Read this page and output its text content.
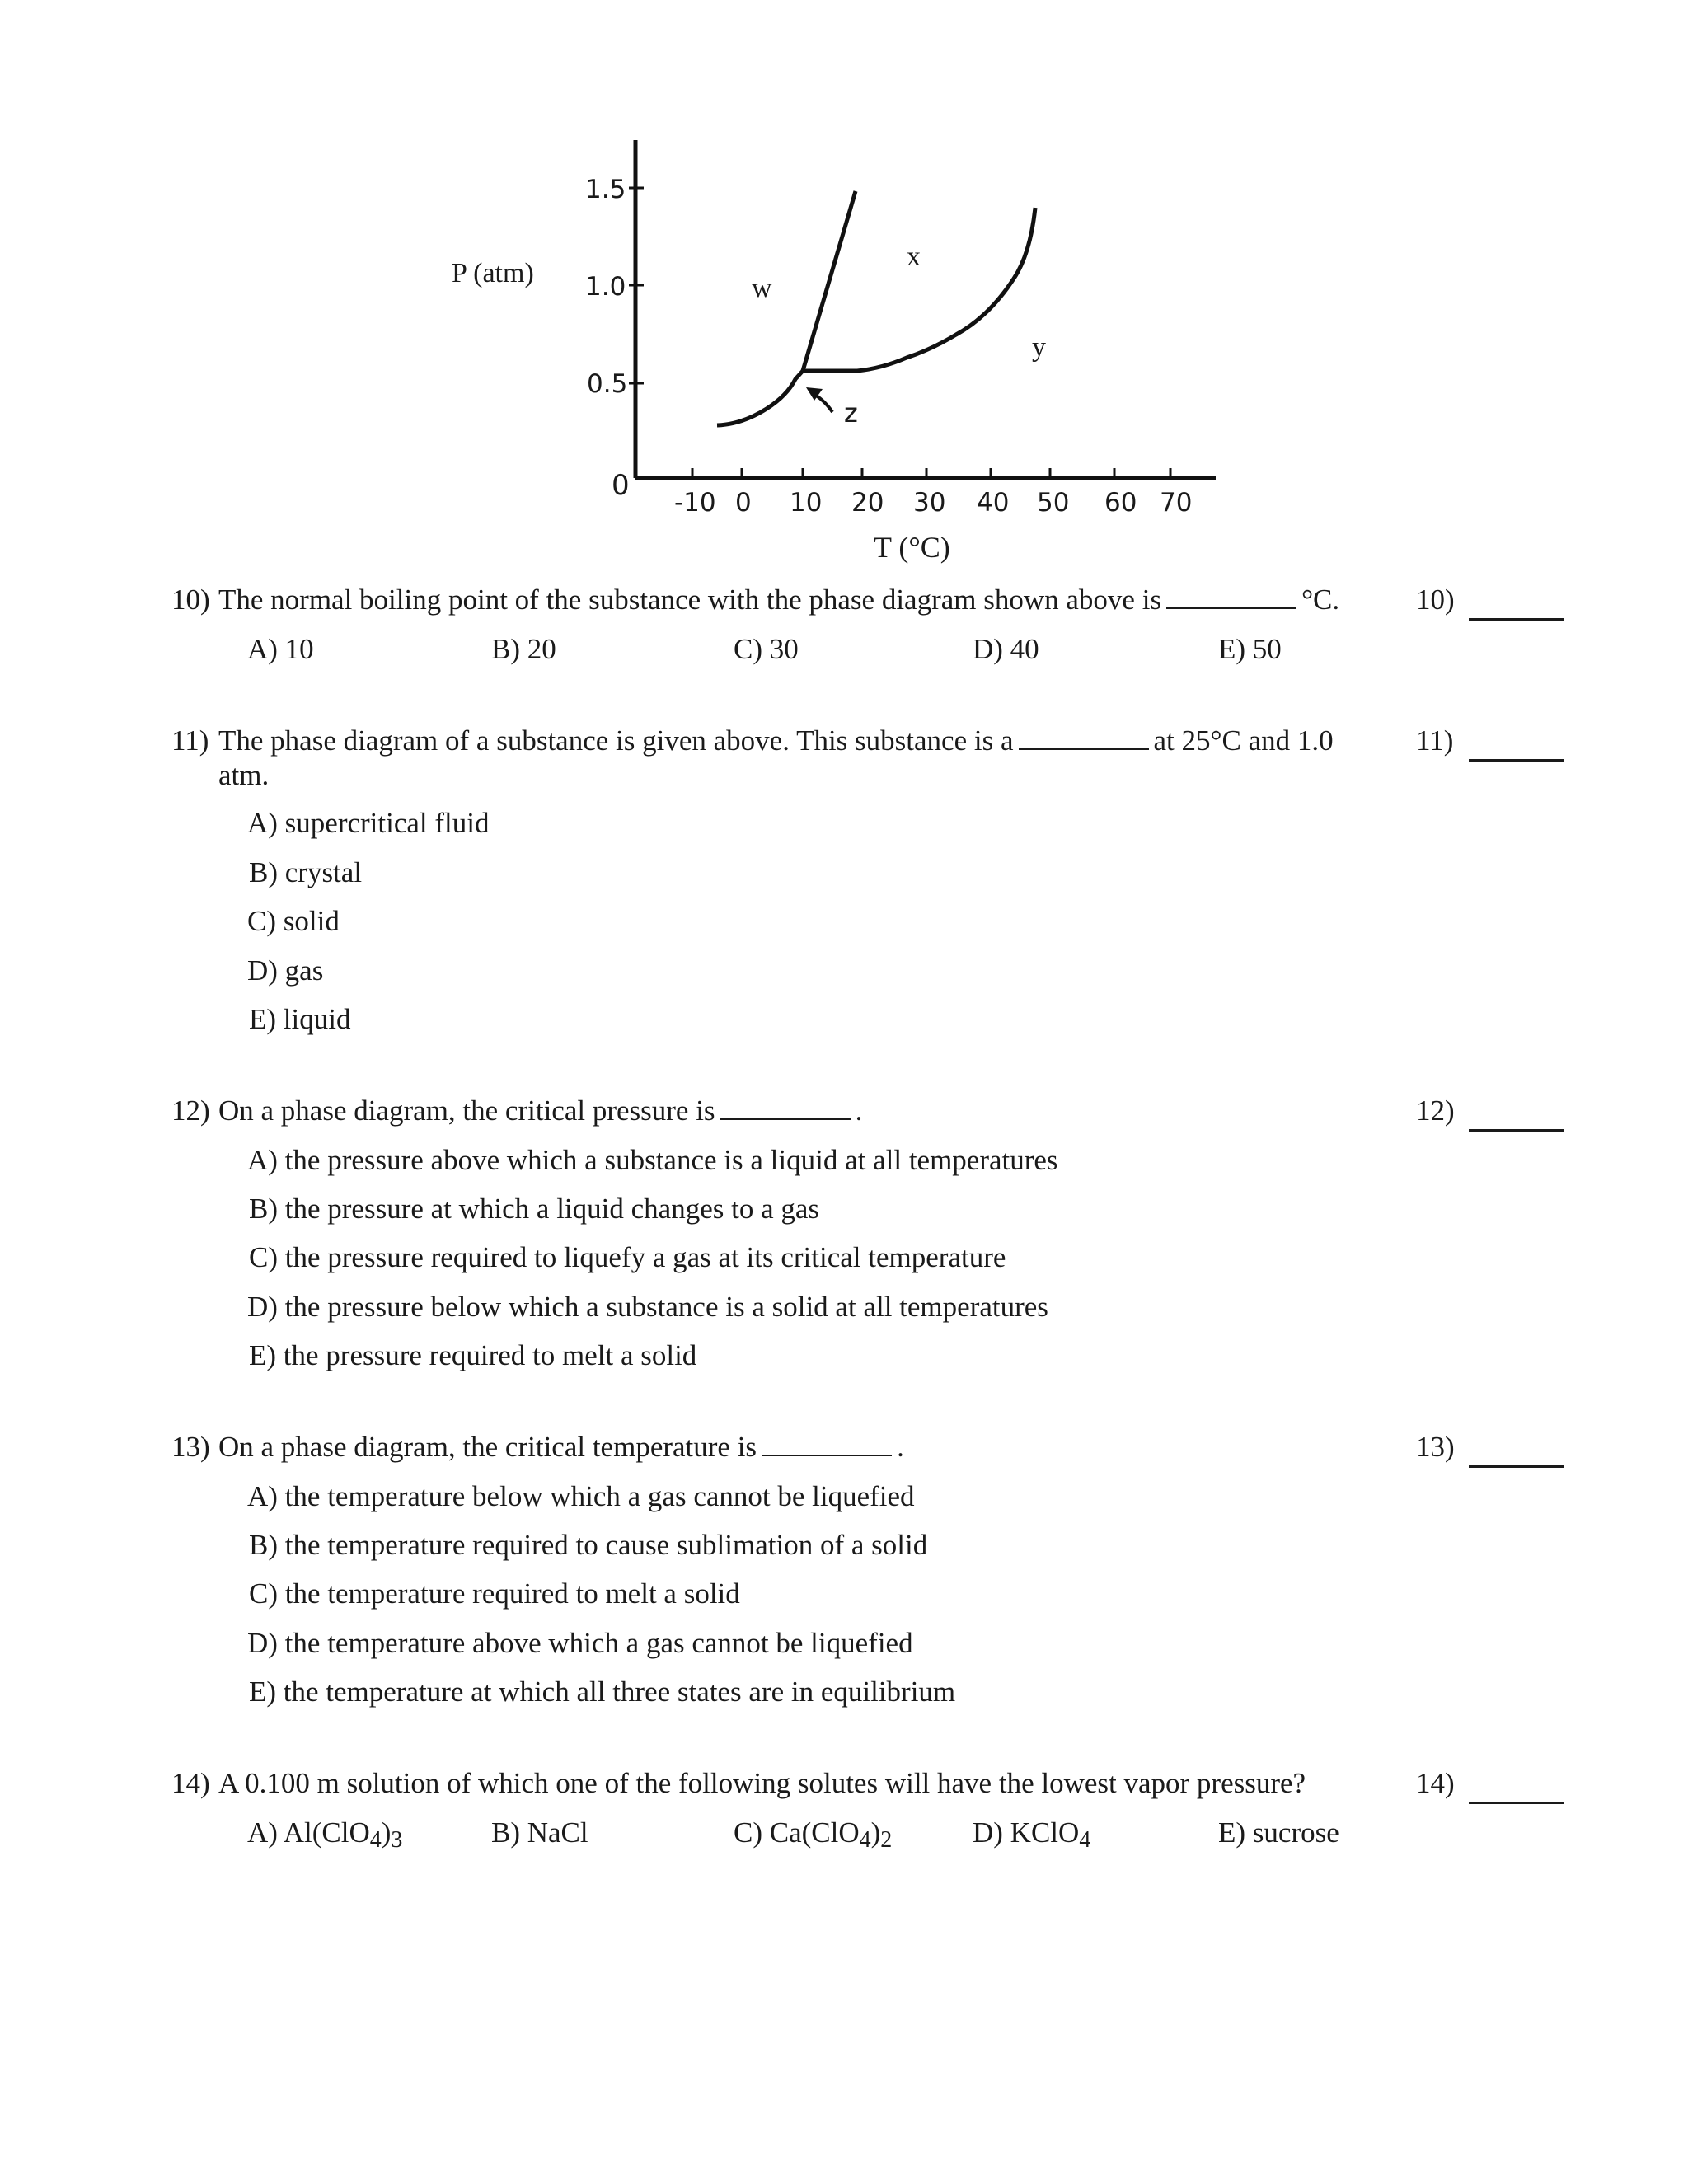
1.5
1.0
0.5
0
-10 0 10 20 30 40 50 60 70
P (atm)
T (°C)
w
x
y
z
10) The normal boiling point of the substance with the phase diagram shown above is	°C.	10)
A) 10	B) 20	C) 30	D) 40	E) 50
11) The phase diagram of a substance is given above. This substance is a	at 25°C and 1.0
atm.
11)
A) supercritical fluid
B) crystal
C) solid
D) gas
E) liquid
12) On a phase diagram, the critical pressure is	.	12)
A) the pressure above which a substance is a liquid at all temperatures
B) the pressure at which a liquid changes to a gas
C) the pressure required to liquefy a gas at its critical temperature
D) the pressure below which a substance is a solid at all temperatures
E) the pressure required to melt a solid
13) On a phase diagram, the critical temperature is	.	13)
A) the temperature below which a gas cannot be liquefied
B) the temperature required to cause sublimation of a solid
C) the temperature required to melt a solid
D) the temperature above which a gas cannot be liquefied
E) the temperature at which all three states are in equilibrium
14) A 0.100 m solution of which one of the following solutes will have the lowest vapor pressure?	14)
A) $Al(ClO_4)_3$	B) NaCl	C) $Ca(ClO_4)_2$	D) KClO$_4$	E) sucrose
